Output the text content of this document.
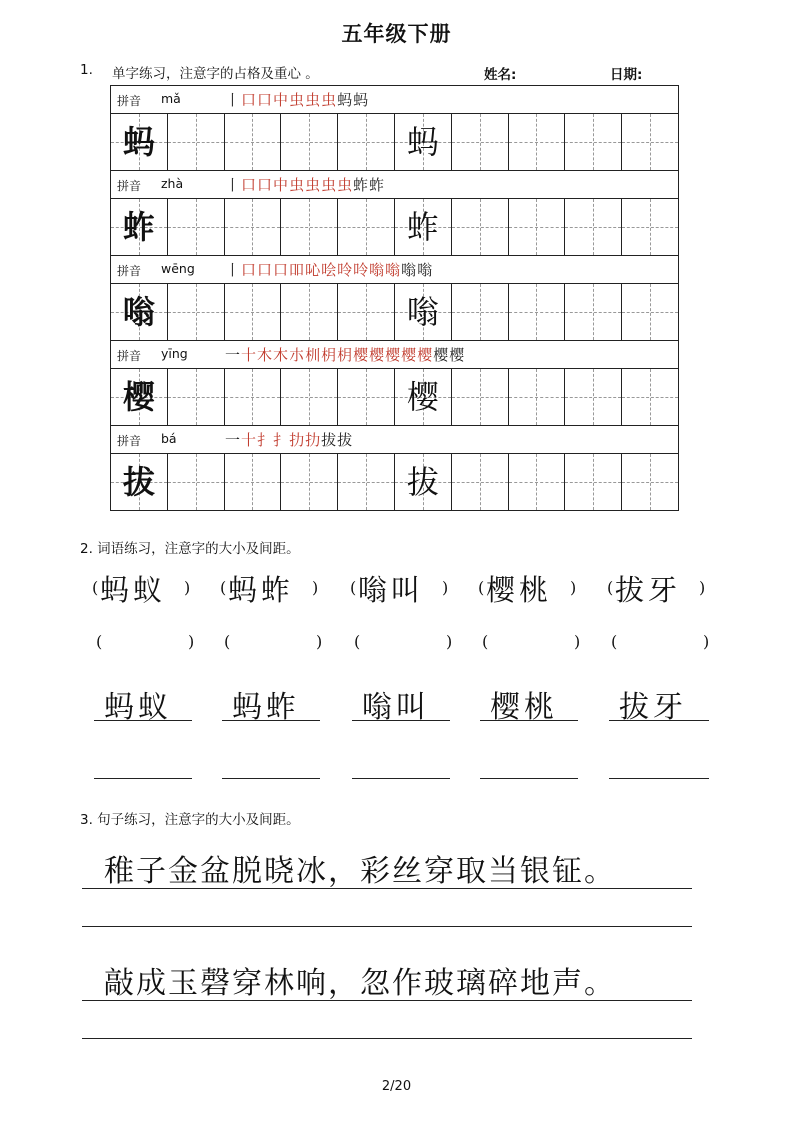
五年级下册
1. 单字练习，注意字的占格及重心 。	姓名:	日期:
拼音 mǎ	丨 口 口 中 虫 虫 虫 蚂 蚂
蚂	蚂
拼音 zhà	丨 口 口 中 虫 虫 虫 虫 蚱 蚱
蚱	蚱
拼音 wēng 丨 口 口 口 吅 吣 哙 呤 呤 嗡 嗡 嗡 嗡
嗡	嗡
拼音 yīng 一 十 木 木 朩 杊 枂 枂 樱 樱 樱 樱 樱 樱 樱
樱	樱
拼音 bá	一 十 扌 扌 扐 扐 拔 拔
拔	拔
2. 词语练习，注意字的大小及间距。
( 蚂蚁 )
(	)
蚂蚁
( 蚂蚱 )
(	)
蚂蚱
( 嗡叫 )
(	)
嗡叫
( 樱桃 )
(	)
樱桃
( 拔牙 )
(	)
拔牙
3. 句子练习，注意字的大小及间距。
稚子金盆脱晓冰，彩丝穿取当银钲。
敲成玉磬穿林响，忽作玻璃碎地声。
2/20
